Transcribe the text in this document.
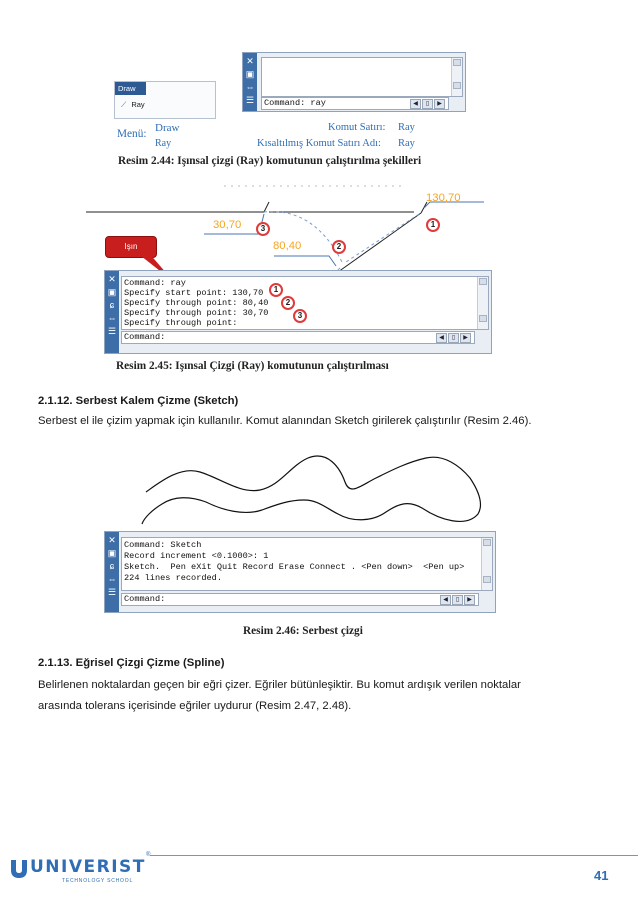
Draw
⟋ Ray
✕
▣
⇔
☰ Command: ray	◀	▯	▶
Menü: Draw
Ray
Komut Satırı: Ray
Kısaltılmış Komut Satırı Adı: Ray
Resim 2.44: Işınsal çizgi (Ray) komutunun çalıştırılma şekilleri
130,70
30,70
80,40
1
2
3
Işın
✕
▣
ɕ
⇔
☰
Command: ray
Specify start point: 130,70
Specify through point: 80,40
Specify through point: 30,70
Specify through point:
Command:	◀	▯	▶
1
2
3
Resim 2.45: Işınsal Çizgi (Ray) komutunun çalıştırılması
2.1.12. Serbest Kalem Çizme (Sketch)
Serbest el ile çizim yapmak için kullanılır. Komut alanından Sketch girilerek çalıştırılır (Resim 2.46).
✕
▣
ɕ
⇔
☰
Command: Sketch
Record increment <0.1000>: 1
Sketch.  Pen eXit Quit Record Erase Connect . <Pen down>  <Pen up>
224 lines recorded.
Command:	◀	▯	▶
Resim 2.46: Serbest çizgi
2.1.13. Eğrisel Çizgi Çizme (Spline)
Belirlenen noktalardan geçen bir eğri çizer. Eğriler bütünleşiktir. Bu komut ardışık verilen noktalar
arasında tolerans içerisinde eğriler uydurur (Resim 2.47, 2.48).
UNIVERIST
TECHNOLOGY SCHOOL
®
41
